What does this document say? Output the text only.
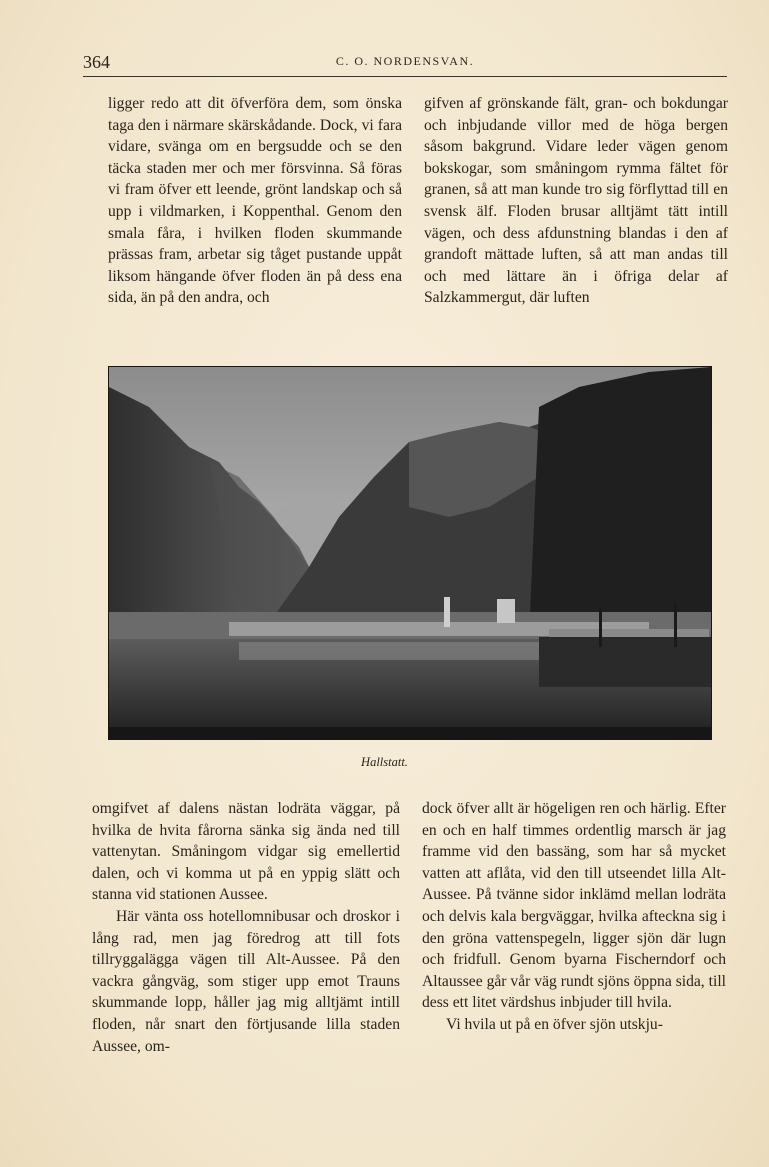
364	C. O. NORDENSVAN.

ligger redo att dit öfverföra dem, som önska taga den i närmare skärskådande. Dock, vi fara vidare, svänga om en bergsudde och se den täcka staden mer och mer försvinna. Så föras vi fram öfver ett leende, grönt landskap och så upp i vildmarken, i Koppenthal. Genom den smala fåra, i hvilken floden skummande prässas fram, arbetar sig tåget pustande uppåt liksom hängande öfver floden än på dess ena sida, än på den andra, och

gifven af grönskande fält, gran- och bokdungar och inbjudande villor med de höga bergen såsom bakgrund. Vidare leder vägen genom bokskogar, som småningom rymma fältet för granen, så att man kunde tro sig förflyttad till en svensk älf. Floden brusar alltjämt tätt intill vägen, och dess afdunstning blandas i den af grandoft mättade luften, så att man andas till och med lättare än i öfriga delar af Salzkammergut, där luften

Hallstatt.

omgifvet af dalens nästan lodräta väggar, på hvilka de hvita fårorna sänka sig ända ned till vattenytan. Småningom vidgar sig emellertid dalen, och vi komma ut på en yppig slätt och stanna vid stationen Aussee.

Här vänta oss hotellomnibusar och droskor i lång rad, men jag föredrog att till fots tillryggalägga vägen till Alt-Aussee. På den vackra gångväg, som stiger upp emot Trauns skummande lopp, håller jag mig alltjämt intill floden, når snart den förtjusande lilla staden Aussee, om-

dock öfver allt är högeligen ren och härlig. Efter en och en half timmes ordentlig marsch är jag framme vid den bassäng, som har så mycket vatten att aflåta, vid den till utseendet lilla Alt-Aussee. På tvänne sidor inklämd mellan lodräta och delvis kala bergväggar, hvilka afteckna sig i den gröna vattenspegeln, ligger sjön där lugn och fridfull. Genom byarna Fischerndorf och Altaussee går vår väg rundt sjöns öppna sida, till dess ett litet värdshus inbjuder till hvila.

Vi hvila ut på en öfver sjön utskju-
